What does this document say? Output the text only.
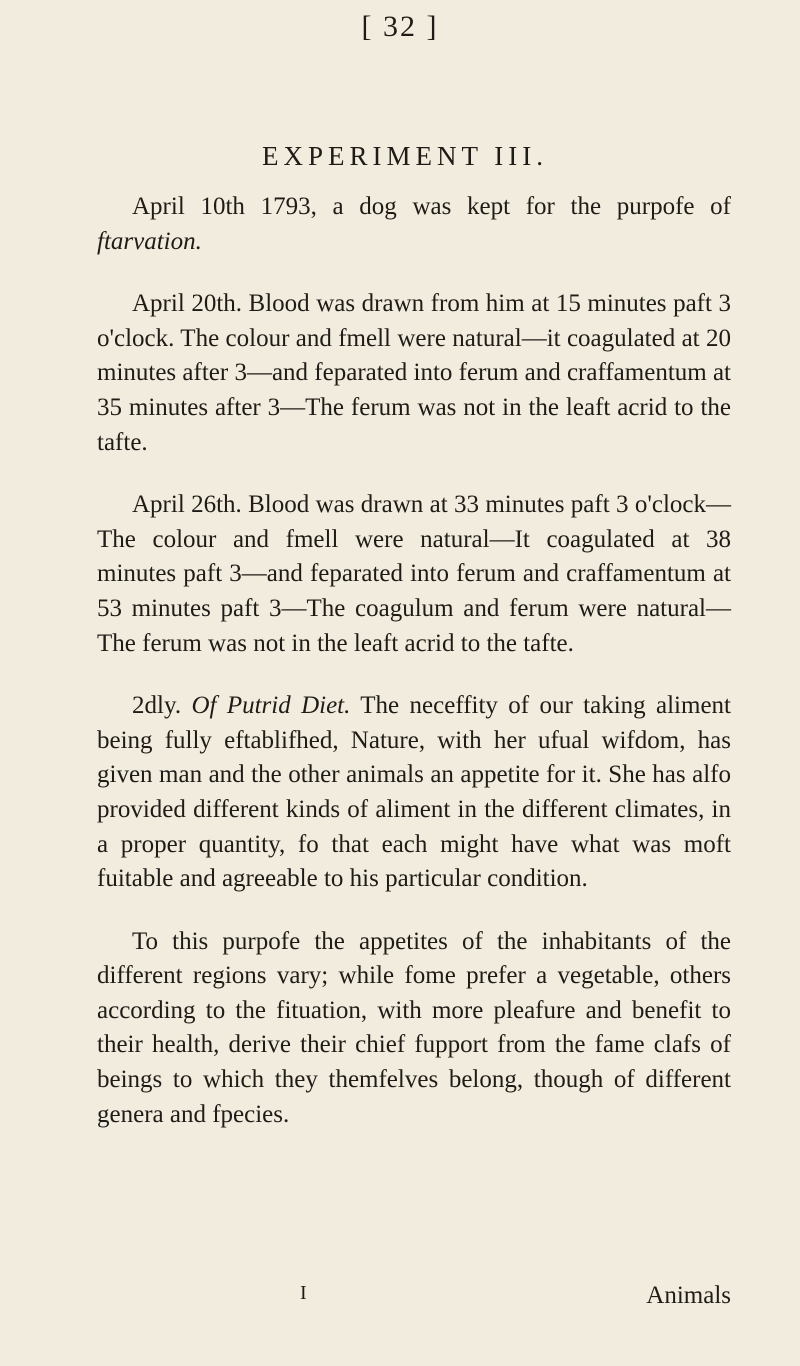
[ 32 ]
EXPERIMENT III.

April 10th 1793, a dog was kept for the purpofe of ftarvation.

April 20th. Blood was drawn from him at 15 minutes paft 3 o'clock. The colour and fmell were natural—it coagulated at 20 minutes after 3—and feparated into ferum and craffamentum at 35 minutes after 3—The ferum was not in the leaft acrid to the tafte.

April 26th. Blood was drawn at 33 minutes paft 3 o'clock—The colour and fmell were natural—It coagulated at 38 minutes paft 3—and feparated into ferum and craffamentum at 53 minutes paft 3—The coagulum and ferum were natural—The ferum was not in the leaft acrid to the tafte.

2dly. Of Putrid Diet. The neceffity of our taking aliment being fully eftablifhed, Nature, with her ufual wifdom, has given man and the other animals an appetite for it. She has alfo provided different kinds of aliment in the different climates, in a proper quantity, fo that each might have what was moft fuitable and agreeable to his particular condition.

To this purpofe the appetites of the inhabitants of the different regions vary; while fome prefer a vegetable, others according to the fituation, with more pleafure and benefit to their health, derive their chief fupport from the fame clafs of beings to which they themfelves belong, though of different genera and fpecies.

I	Animals
